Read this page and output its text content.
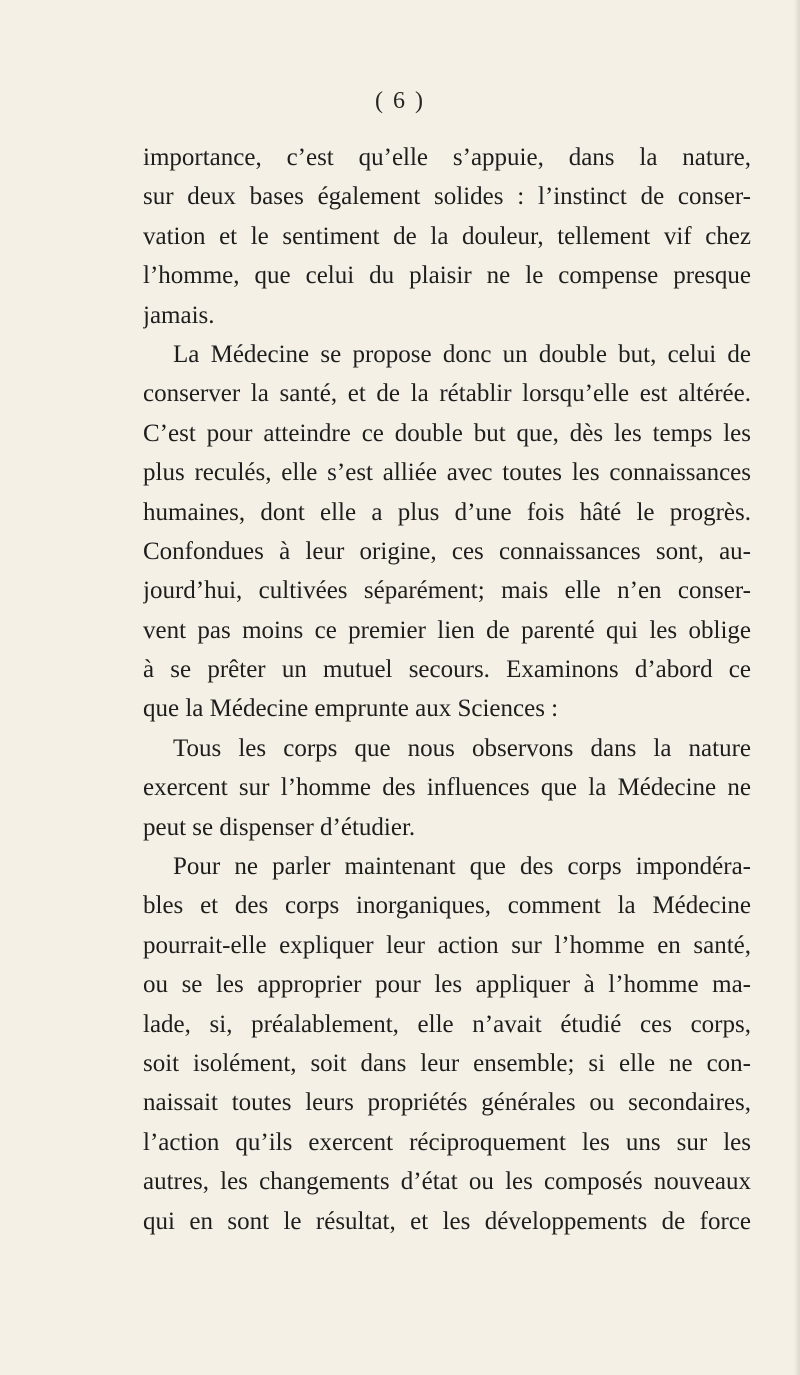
( 6 )
importance, c’est qu’elle s’appuie, dans la nature,
sur deux bases également solides : l’instinct de conser-
vation et le sentiment de la douleur, tellement vif chez
l’homme, que celui du plaisir ne le compense presque
jamais.
La Médecine se propose donc un double but, celui de
conserver la santé, et de la rétablir lorsqu’elle est altérée.
C’est pour atteindre ce double but que, dès les temps les
plus reculés, elle s’est alliée avec toutes les connaissances
humaines, dont elle a plus d’une fois hâté le progrès.
Confondues à leur origine, ces connaissances sont, au-
jourd’hui, cultivées séparément; mais elle n’en conser-
vent pas moins ce premier lien de parenté qui les oblige
à se prêter un mutuel secours. Examinons d’abord ce
que la Médecine emprunte aux Sciences :
Tous les corps que nous observons dans la nature
exercent sur l’homme des influences que la Médecine ne
peut se dispenser d’étudier.
Pour ne parler maintenant que des corps impondéra-
bles et des corps inorganiques, comment la Médecine
pourrait-elle expliquer leur action sur l’homme en santé,
ou se les approprier pour les appliquer à l’homme ma-
lade, si, préalablement, elle n’avait étudié ces corps,
soit isolément, soit dans leur ensemble; si elle ne con-
naissait toutes leurs propriétés générales ou secondaires,
l’action qu’ils exercent réciproquement les uns sur les
autres, les changements d’état ou les composés nouveaux
qui en sont le résultat, et les développements de force
